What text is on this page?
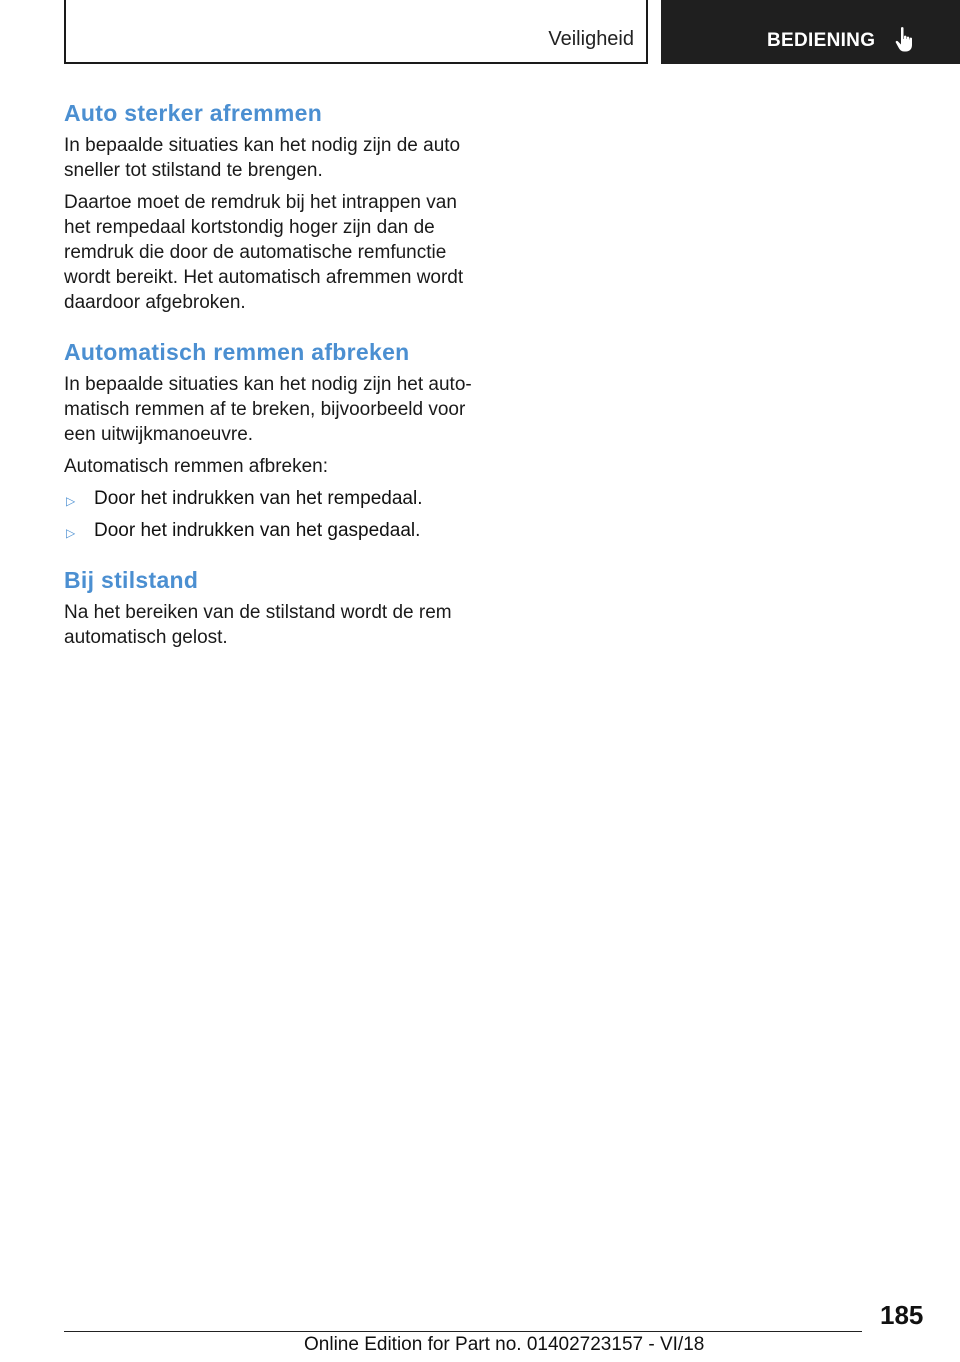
Veiligheid	BEDIENING
Auto sterker afremmen

In bepaalde situaties kan het nodig zijn de auto sneller tot stilstand te brengen.

Daartoe moet de remdruk bij het intrappen van het rempedaal kortstondig hoger zijn dan de remdruk die door de automatische remfunctie wordt bereikt. Het automatisch afremmen wordt daardoor afgebroken.

Automatisch remmen afbreken

In bepaalde situaties kan het nodig zijn het automatisch remmen af te breken, bijvoorbeeld voor een uitwijkmanoeuvre.

Automatisch remmen afbreken:

▷ Door het indrukken van het rempedaal.
▷ Door het indrukken van het gaspedaal.
Bij stilstand

Na het bereiken van de stilstand wordt de rem automatisch gelost.

185
Online Edition for Part no. 01402723157 - VI/18
